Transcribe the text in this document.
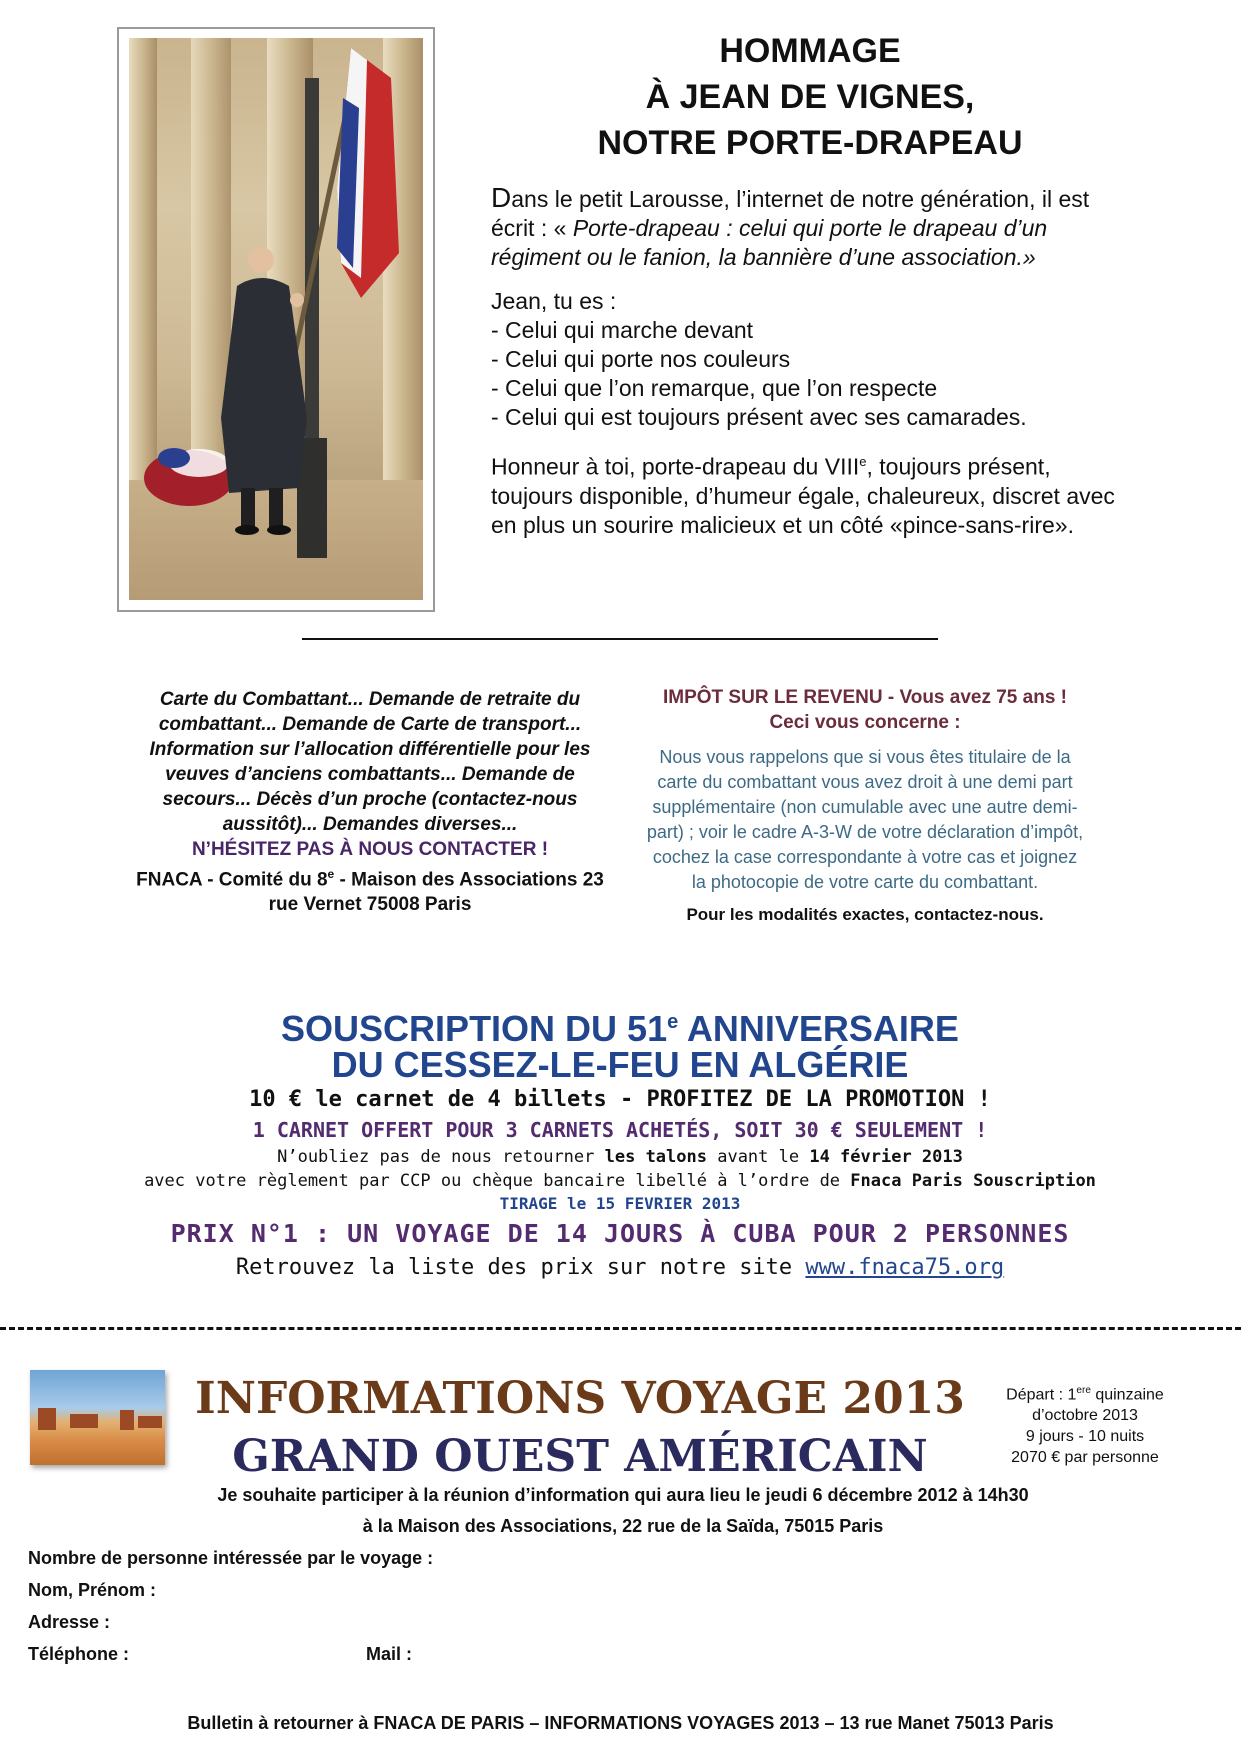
HOMMAGE
À JEAN DE VIGNES,
NOTRE PORTE-DRAPEAU

Dans le petit Larousse, l’internet de notre génération, il est écrit : « Porte-drapeau : celui qui porte le drapeau d’un régiment ou le fanion, la bannière d’une association.»

Jean, tu es :
- Celui qui marche devant
- Celui qui porte nos couleurs
- Celui que l’on remarque, que l’on respecte
- Celui qui est toujours présent avec ses camarades.

Honneur à toi, porte-drapeau du VIIIe, toujours présent, toujours disponible, d’humeur égale, chaleureux, discret avec en plus un sourire malicieux et un côté «pince-sans-rire».

Carte du Combattant... Demande de retraite du combattant... Demande de Carte de transport... Information sur l’allocation différentielle pour les veuves d’anciens combattants... Demande de secours... Décès d’un proche (contactez-nous aussitôt)... Demandes diverses...
N’HÉSITEZ PAS À NOUS CONTACTER !
FNACA - Comité du 8e - Maison des Associations 23 rue Vernet 75008 Paris
IMPÔT SUR LE REVENU - Vous avez 75 ans ! Ceci vous concerne :
Nous vous rappelons que si vous êtes titulaire de la carte du combattant vous avez droit à une demi part supplémentaire (non cumulable avec une autre demi-part) ; voir le cadre A-3-W de votre déclaration d’impôt, cochez la case correspondante à votre cas et joignez la photocopie de votre carte du combattant.
Pour les modalités exactes, contactez-nous.
SOUSCRIPTION DU 51e ANNIVERSAIRE
DU CESSEZ-LE-FEU EN ALGÉRIE
10 € le carnet de 4 billets - PROFITEZ DE LA PROMOTION !
1 CARNET OFFERT POUR 3 CARNETS ACHETÉS, SOIT 30 € SEULEMENT !
N’oubliez pas de nous retourner les talons avant le 14 février 2013
avec votre règlement par CCP ou chèque bancaire libellé à l’ordre de Fnaca Paris Souscription
TIRAGE le 15 FEVRIER 2013
PRIX N°1 : UN VOYAGE DE 14 JOURS À CUBA POUR 2 PERSONNES
Retrouvez la liste des prix sur notre site www.fnaca75.org
INFORMATIONS VOYAGE 2013
GRAND OUEST AMÉRICAIN
Départ : 1ere quinzaine
d’octobre 2013
9 jours - 10 nuits
2070 € par personne
Je souhaite participer à la réunion d’information qui aura lieu le jeudi 6 décembre 2012 à 14h30
à la Maison des Associations, 22 rue de la Saïda, 75015 Paris
Nombre de personne intéressée par le voyage :
Nom, Prénom :
Adresse :
Téléphone :	Mail :
Bulletin à retourner à FNACA DE PARIS – INFORMATIONS VOYAGES 2013 – 13 rue Manet 75013 Paris
